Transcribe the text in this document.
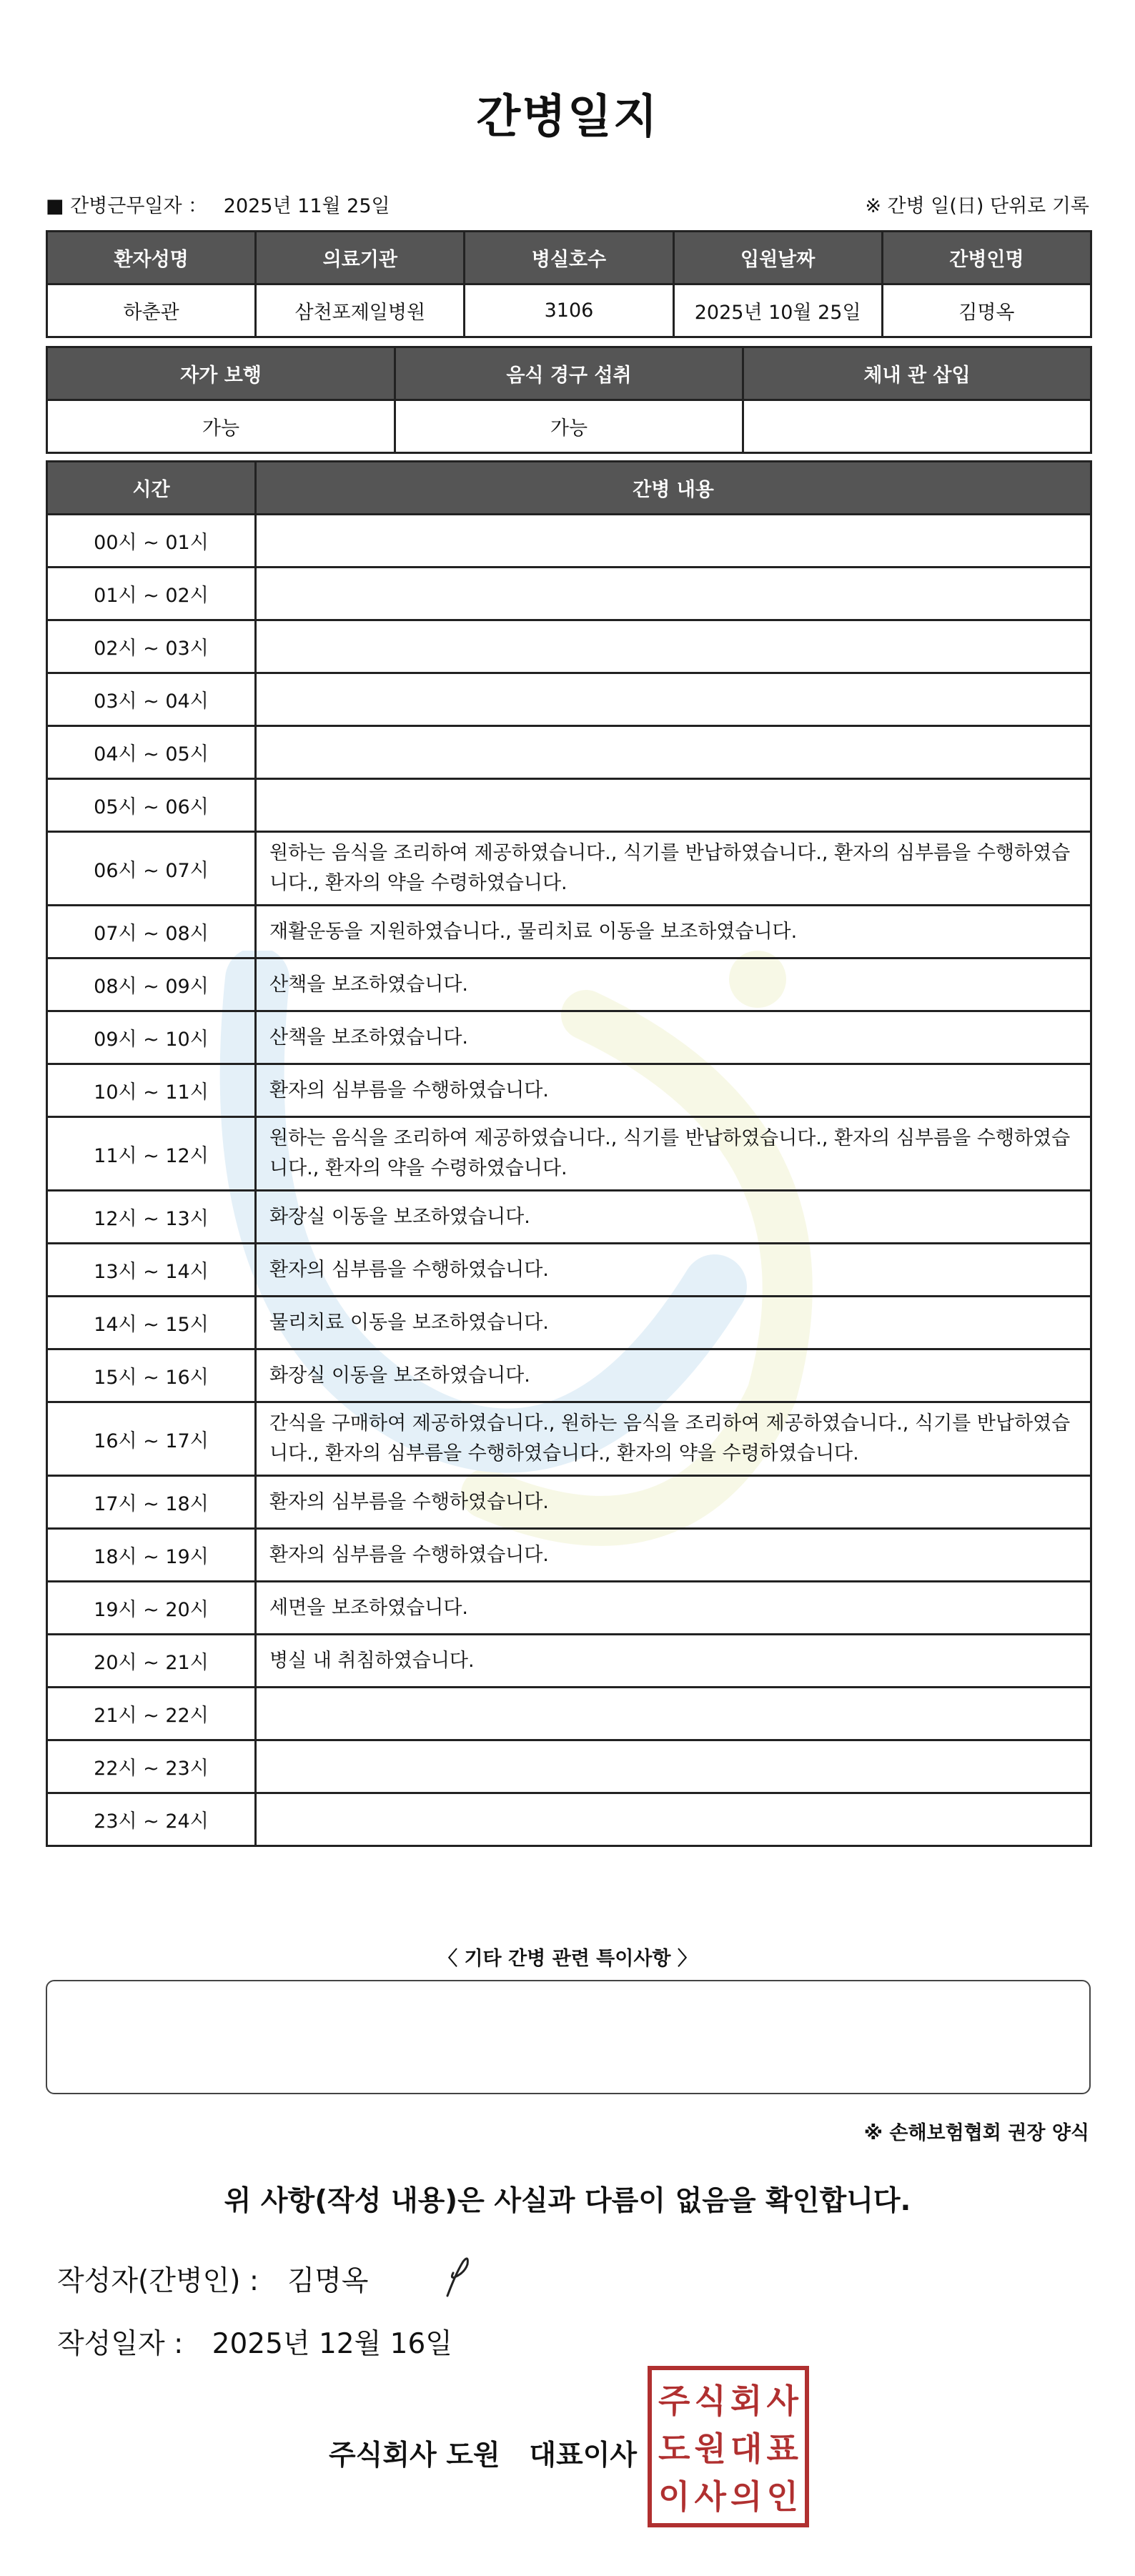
간병일지
■ 간병근무일자 ： 2025년 11월 25일	※ 간병 일(日) 단위로 기록
환자성명	의료기관	병실호수	입원날짜	간병인명
하춘관	삼천포제일병원	3106	2025년 10월 25일	김명옥
자가 보행	음식 경구 섭취	체내 관 삽입
가능	가능	
시간	간병 내용
00시 ~ 01시	
01시 ~ 02시	
02시 ~ 03시	
03시 ~ 04시	
04시 ~ 05시	
05시 ~ 06시	
06시 ~ 07시	원하는 음식을 조리하여 제공하였습니다., 식기를 반납하였습니다., 환자의 심부름을 수행하였습니다., 환자의 약을 수령하였습니다.
07시 ~ 08시	재활운동을 지원하였습니다., 물리치료 이동을 보조하였습니다.
08시 ~ 09시	산책을 보조하였습니다.
09시 ~ 10시	산책을 보조하였습니다.
10시 ~ 11시	환자의 심부름을 수행하였습니다.
11시 ~ 12시	원하는 음식을 조리하여 제공하였습니다., 식기를 반납하였습니다., 환자의 심부름을 수행하였습니다., 환자의 약을 수령하였습니다.
12시 ~ 13시	화장실 이동을 보조하였습니다.
13시 ~ 14시	환자의 심부름을 수행하였습니다.
14시 ~ 15시	물리치료 이동을 보조하였습니다.
15시 ~ 16시	화장실 이동을 보조하였습니다.
16시 ~ 17시	간식을 구매하여 제공하였습니다., 원하는 음식을 조리하여 제공하였습니다., 식기를 반납하였습니다., 환자의 심부름을 수행하였습니다., 환자의 약을 수령하였습니다.
17시 ~ 18시	환자의 심부름을 수행하였습니다.
18시 ~ 19시	환자의 심부름을 수행하였습니다.
19시 ~ 20시	세면을 보조하였습니다.
20시 ~ 21시	병실 내 취침하였습니다.
21시 ~ 22시	
22시 ~ 23시	
23시 ~ 24시	
〈 기타 간병 관련 특이사항 〉
※ 손해보험협회 권장 양식
위 사항(작성 내용)은 사실과 다름이 없음을 확인합니다.
작성자(간병인) : 김명옥
작성일자 : 2025년 12월 16일
주식회사 도원   대표이사
주 식 회 사
도 원 대 표
이 사 의 인
